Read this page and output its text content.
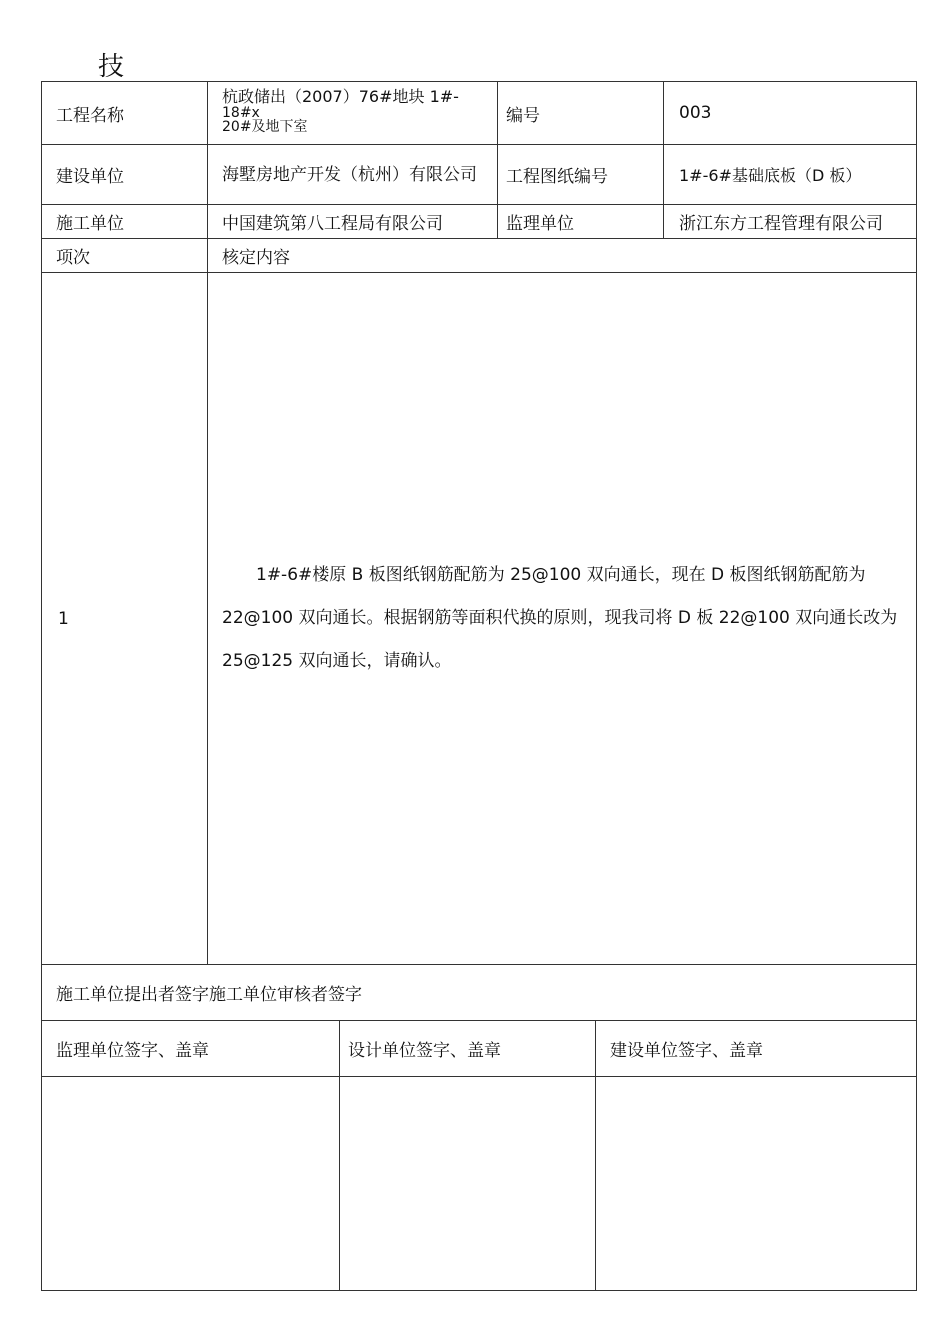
技
工程名称	杭政储出（2007）76#地块 1#-
18#x
20#及地下室		编号		003
建设单位	海墅房地产开发（杭州）有限公司		工程图纸编号		1#-6#基础底板（D 板）
施工单位	中国建筑第八工程局有限公司		监理单位		浙江东方工程管理有限公司
项次	核定内容				
1	1#-6#楼原 B 板图纸钢筋配筋为 25@100 双向通长，现在 D 板图纸钢筋配筋为 22@100 双向通长。根据钢筋等面积代换的原则，现我司将 D 板 22@100 双向通长改为 25@125 双向通长，请确认。				
施工单位提出者签字施工单位审核者签字					
监理单位签字、盖章		设计单位签字、盖章		建设单位签字、盖章	
